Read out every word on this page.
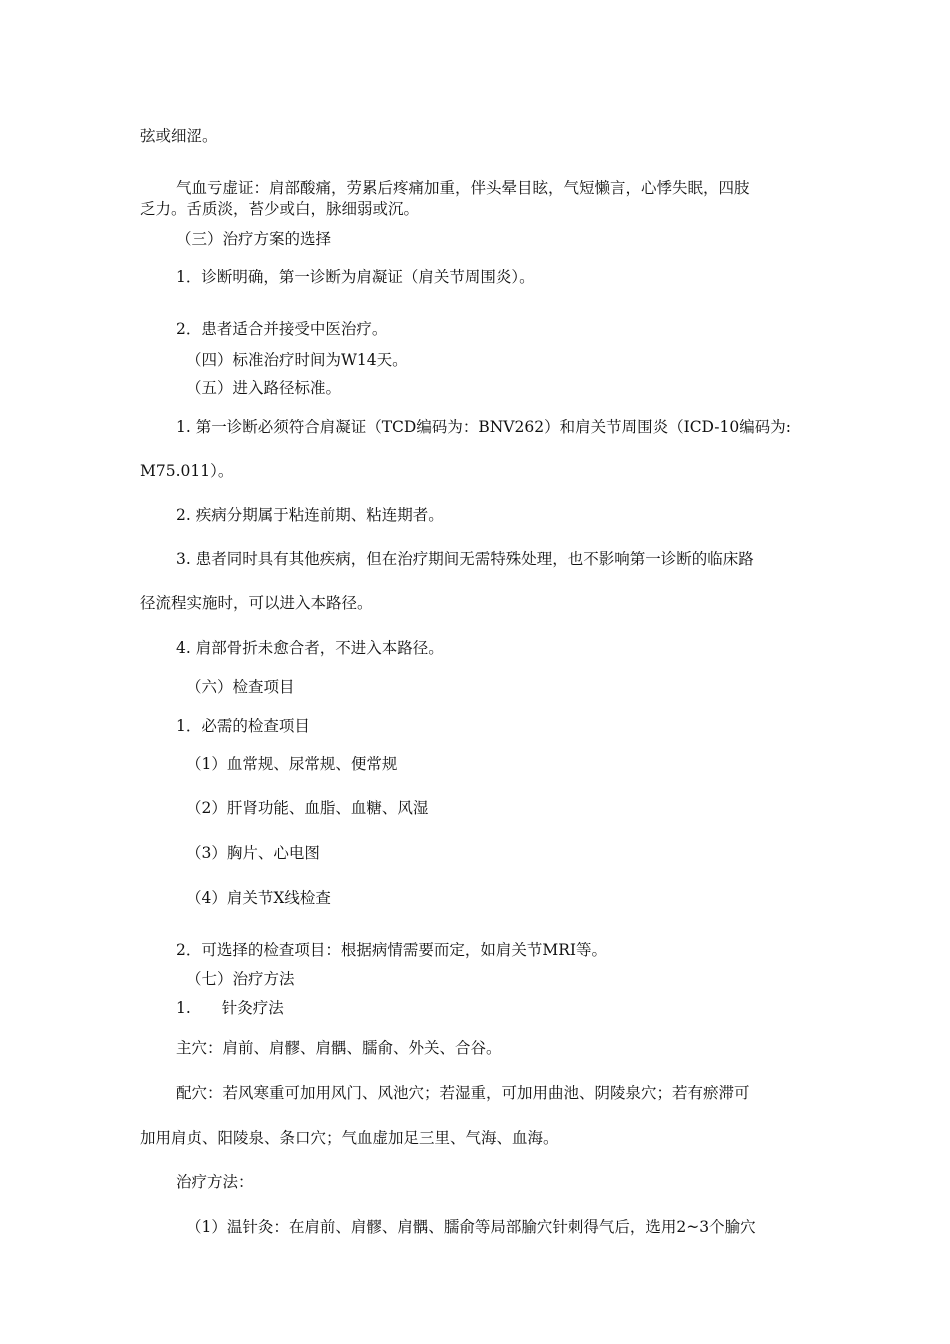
弦或细涩。
气血亏虚证：肩部酸痛，劳累后疼痛加重，伴头晕目眩，气短懒言，心悸失眠，四肢
乏力。舌质淡，苔少或白，脉细弱或沉。
（三）治疗方案的选择
1．诊断明确，第一诊断为肩凝证（肩关节周围炎）。
2．患者适合并接受中医治疗。
（四）标准治疗时间为W14天。
（五）进入路径标准。
1. 第一诊断必须符合肩凝证（TCD编码为：BNV262）和肩关节周围炎（ICD-10编码为:
M75.011）。
2. 疾病分期属于粘连前期、粘连期者。
3. 患者同时具有其他疾病，但在治疗期间无需特殊处理，也不影响第一诊断的临床路
径流程实施时，可以进入本路径。
4. 肩部骨折未愈合者，不进入本路径。
（六）检查项目
1．必需的检查项目
（1）血常规、尿常规、便常规
（2）肝肾功能、血脂、血糖、风湿
（3）胸片、心电图
（4）肩关节X线检查
2．可选择的检查项目：根据病情需要而定，如肩关节MRI等。
（七）治疗方法
1.　　针灸疗法
主穴：肩前、肩髎、肩髃、臑俞、外关、合谷。
配穴：若风寒重可加用风门、风池穴；若湿重，可加用曲池、阴陵泉穴；若有瘀滞可
加用肩贞、阳陵泉、条口穴；气血虚加足三里、气海、血海。
治疗方法：
（1）温针灸：在肩前、肩髎、肩髃、臑俞等局部腧穴针刺得气后，选用2~3个腧穴
